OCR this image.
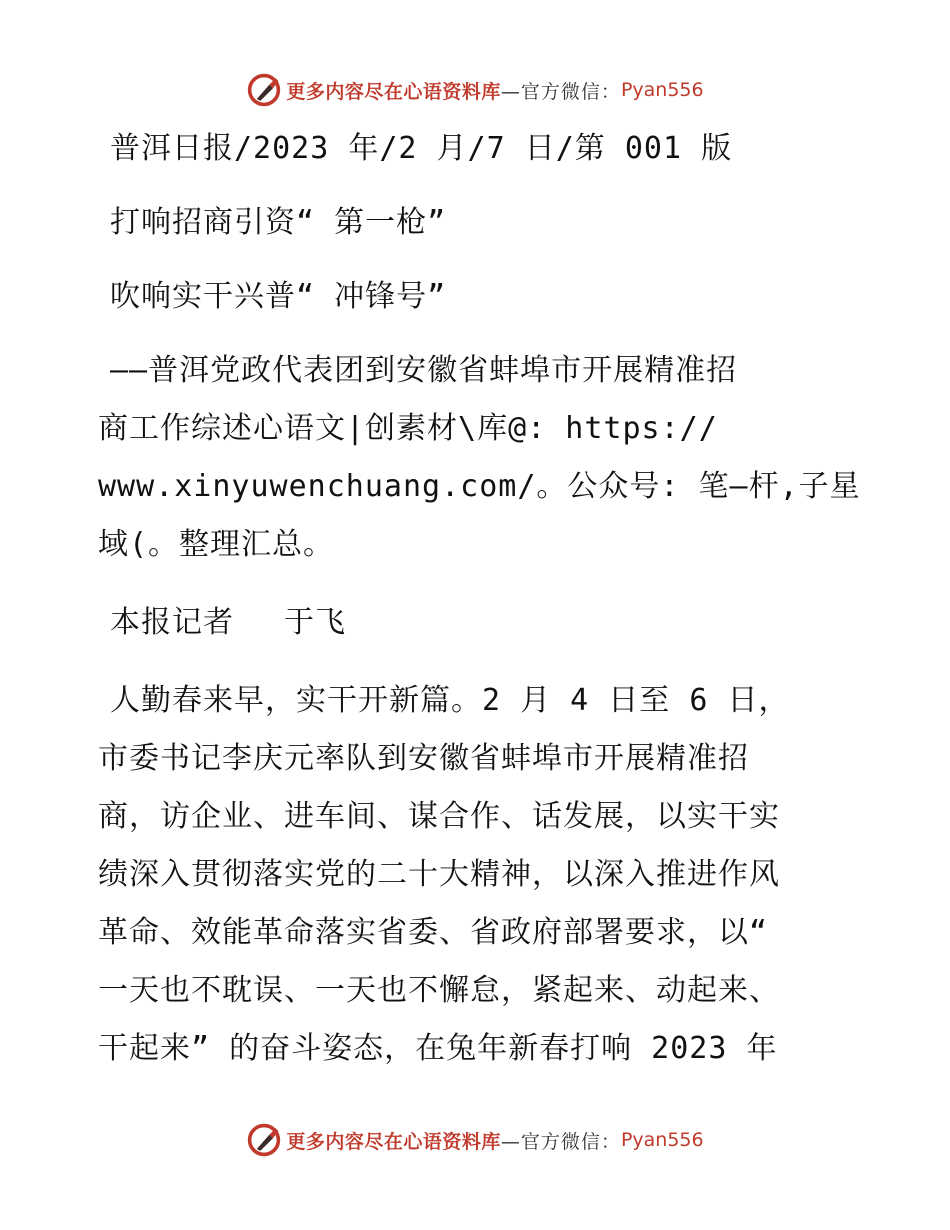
更多内容尽在心语资料库 —官方微信： Pyan556
普洱日报/2023 年/2 月/7 日/第 001 版
打响招商引资“ 第一枪”
吹响实干兴普“ 冲锋号”
——普洱党政代表团到安徽省蚌埠市开展精准招
商工作综述心语文|创素材\库@: https://
www.xinyuwenchuang.com/。公众号: 笔—杆,子星
域(。整理汇总。
本报记者　 于飞
人勤春来早，实干开新篇。2 月 4 日至 6 日，
市委书记李庆元率队到安徽省蚌埠市开展精准招
商，访企业、进车间、谋合作、话发展，以实干实
绩深入贯彻落实党的二十大精神，以深入推进作风
革命、效能革命落实省委、省政府部署要求，以“
一天也不耽误、一天也不懈怠，紧起来、动起来、
干起来” 的奋斗姿态，在兔年新春打响 2023 年
更多内容尽在心语资料库 —官方微信： Pyan556
